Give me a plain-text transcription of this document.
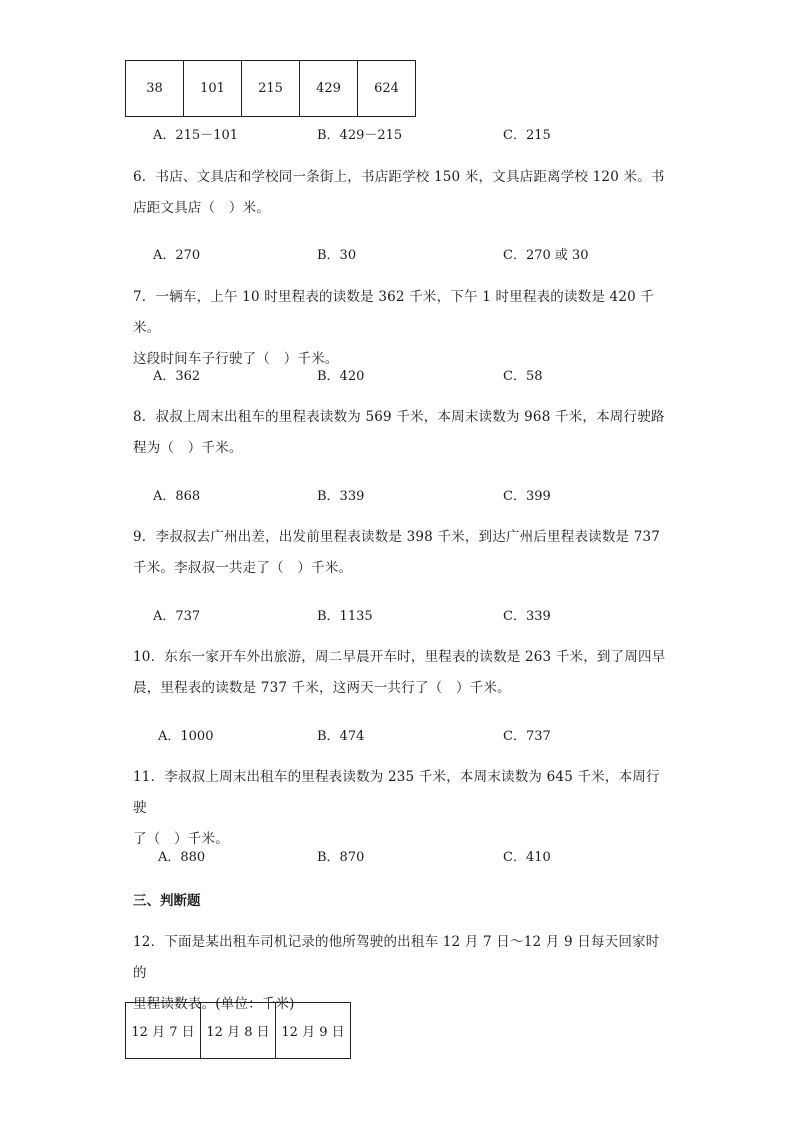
38	101	215	429	624
A．215－101	B．429－215	C．215
6．书店、文具店和学校同一条街上，书店距学校 150 米，文具店距离学校 120 米。书
店距文具店（　）米。
A．270	B．30	C．270 或 30
7．一辆车，上午 10 时里程表的读数是 362 千米，下午 1 时里程表的读数是 420 千米。
这段时间车子行驶了（　）千米。
A．362	B．420	C．58
8．叔叔上周末出租车的里程表读数为 569 千米，本周末读数为 968 千米，本周行驶路
程为（　）千米。
A．868	B．339	C．399
9．李叔叔去广州出差，出发前里程表读数是 398 千米，到达广州后里程表读数是 737
千米。李叔叔一共走了（　）千米。
A．737	B．1135	C．339
10．东东一家开车外出旅游，周二早晨开车时，里程表的读数是 263 千米，到了周四早
晨，里程表的读数是 737 千米，这两天一共行了（　）千米。
A．1000	B．474	C．737
11．李叔叔上周末出租车的里程表读数为 235 千米，本周末读数为 645 千米，本周行驶
了（　）千米。
A．880	B．870	C．410
三、判断题
12．下面是某出租车司机记录的他所驾驶的出租车 12 月 7 日～12 月 9 日每天回家时的
里程读数表。(单位：千米)
12 月 7 日	12 月 8 日	12 月 9 日
